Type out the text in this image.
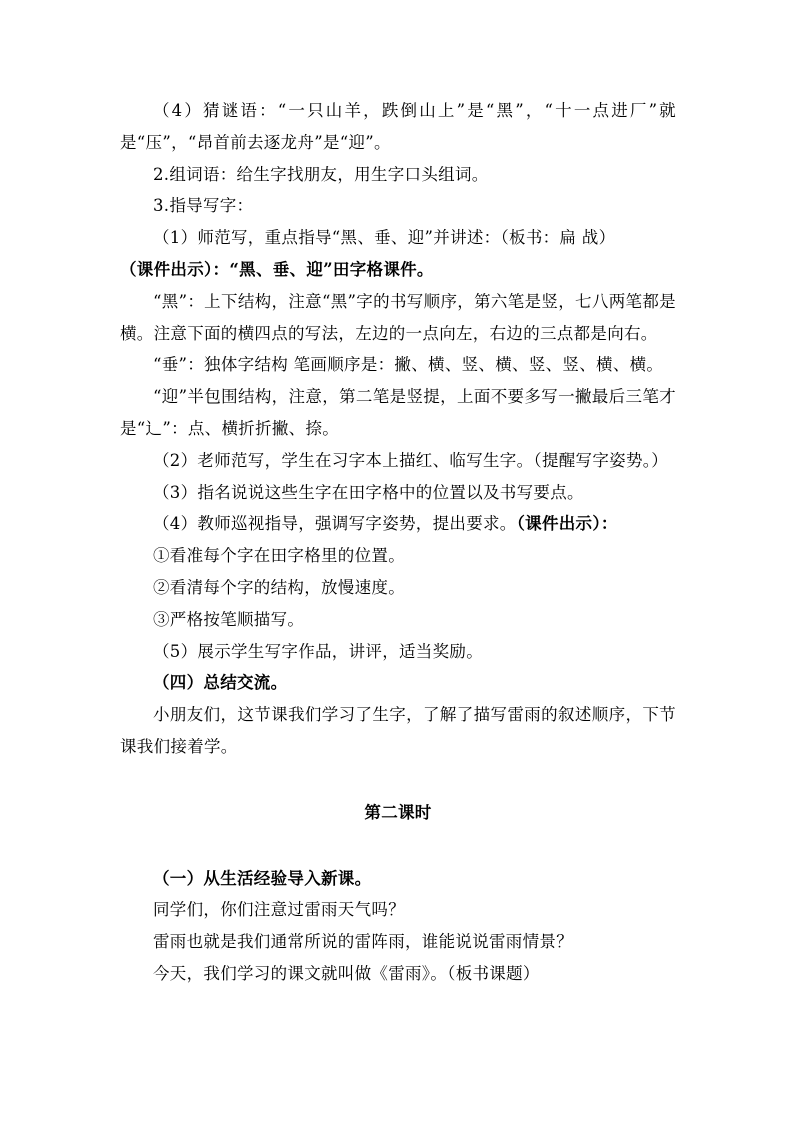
（4）猜谜语：“一只山羊，跌倒山上”是“黑”，“十一点进厂”就是“压”，“昂首前去逐龙舟”是“迎”。

2.组词语：给生字找朋友，用生字口头组词。

3.指导写字：

（1）师范写，重点指导“黑、垂、迎”并讲述：（板书：扁 战）

（课件出示）：“黑、垂、迎”田字格课件。

“黑”：上下结构，注意“黑”字的书写顺序，第六笔是竖，七八两笔都是横。注意下面的横四点的写法，左边的一点向左，右边的三点都是向右。

“垂”：独体字结构 笔画顺序是：撇、横、竖、横、竖、竖、横、横。

“迎”半包围结构，注意，第二笔是竖提，上面不要多写一撇最后三笔才是“辶”：点、横折折撇、捺。

（2）老师范写，学生在习字本上描红、临写生字。（提醒写字姿势。）

（3）指名说说这些生字在田字格中的位置以及书写要点。

（4）教师巡视指导，强调写字姿势，提出要求。（课件出示）：

①看准每个字在田字格里的位置。

②看清每个字的结构，放慢速度。

③严格按笔顺描写。

（5）展示学生写字作品，讲评，适当奖励。

（四）总结交流。

小朋友们，这节课我们学习了生字，了解了描写雷雨的叙述顺序，下节课我们接着学。

第二课时

（一）从生活经验导入新课。

同学们，你们注意过雷雨天气吗？

雷雨也就是我们通常所说的雷阵雨，谁能说说雷雨情景？

今天，我们学习的课文就叫做《雷雨》。（板书课题）
